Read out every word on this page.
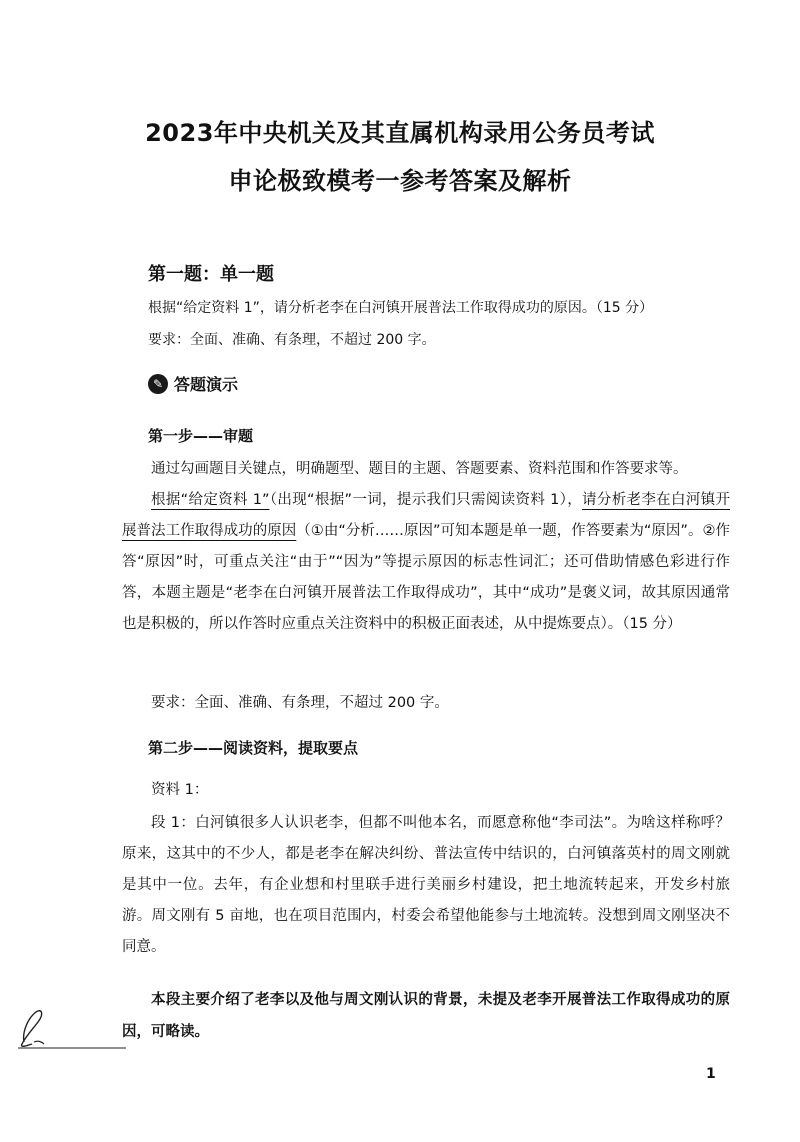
2023年中央机关及其直属机构录用公务员考试
申论极致模考一参考答案及解析
第一题：单一题
根据“给定资料 1”，请分析老李在白河镇开展普法工作取得成功的原因。（15 分）
要求：全面、准确、有条理，不超过 200 字。
✎ 答题演示
第一步——审题
通过勾画题目关键点，明确题型、题目的主题、答题要素、资料范围和作答要求等。
根据“给定资料 1”（出现“根据”一词，提示我们只需阅读资料 1），请分析老李在白河镇开展普法工作取得成功的原因（①由“分析……原因”可知本题是单一题，作答要素为“原因”。②作答“原因”时，可重点关注“由于”“因为”等提示原因的标志性词汇；还可借助情感色彩进行作答，本题主题是“老李在白河镇开展普法工作取得成功”，其中“成功”是褒义词，故其原因通常也是积极的，所以作答时应重点关注资料中的积极正面表述，从中提炼要点）。（15 分）
要求：全面、准确、有条理，不超过 200 字。
第二步——阅读资料，提取要点
资料 1：
段 1：白河镇很多人认识老李，但都不叫他本名，而愿意称他“李司法”。为啥这样称呼？原来，这其中的不少人，都是老李在解决纠纷、普法宣传中结识的，白河镇落英村的周文刚就是其中一位。去年，有企业想和村里联手进行美丽乡村建设，把土地流转起来，开发乡村旅游。周文刚有 5 亩地，也在项目范围内，村委会希望他能参与土地流转。没想到周文刚坚决不同意。
本段主要介绍了老李以及他与周文刚认识的背景，未提及老李开展普法工作取得成功的原因，可略读。
1
